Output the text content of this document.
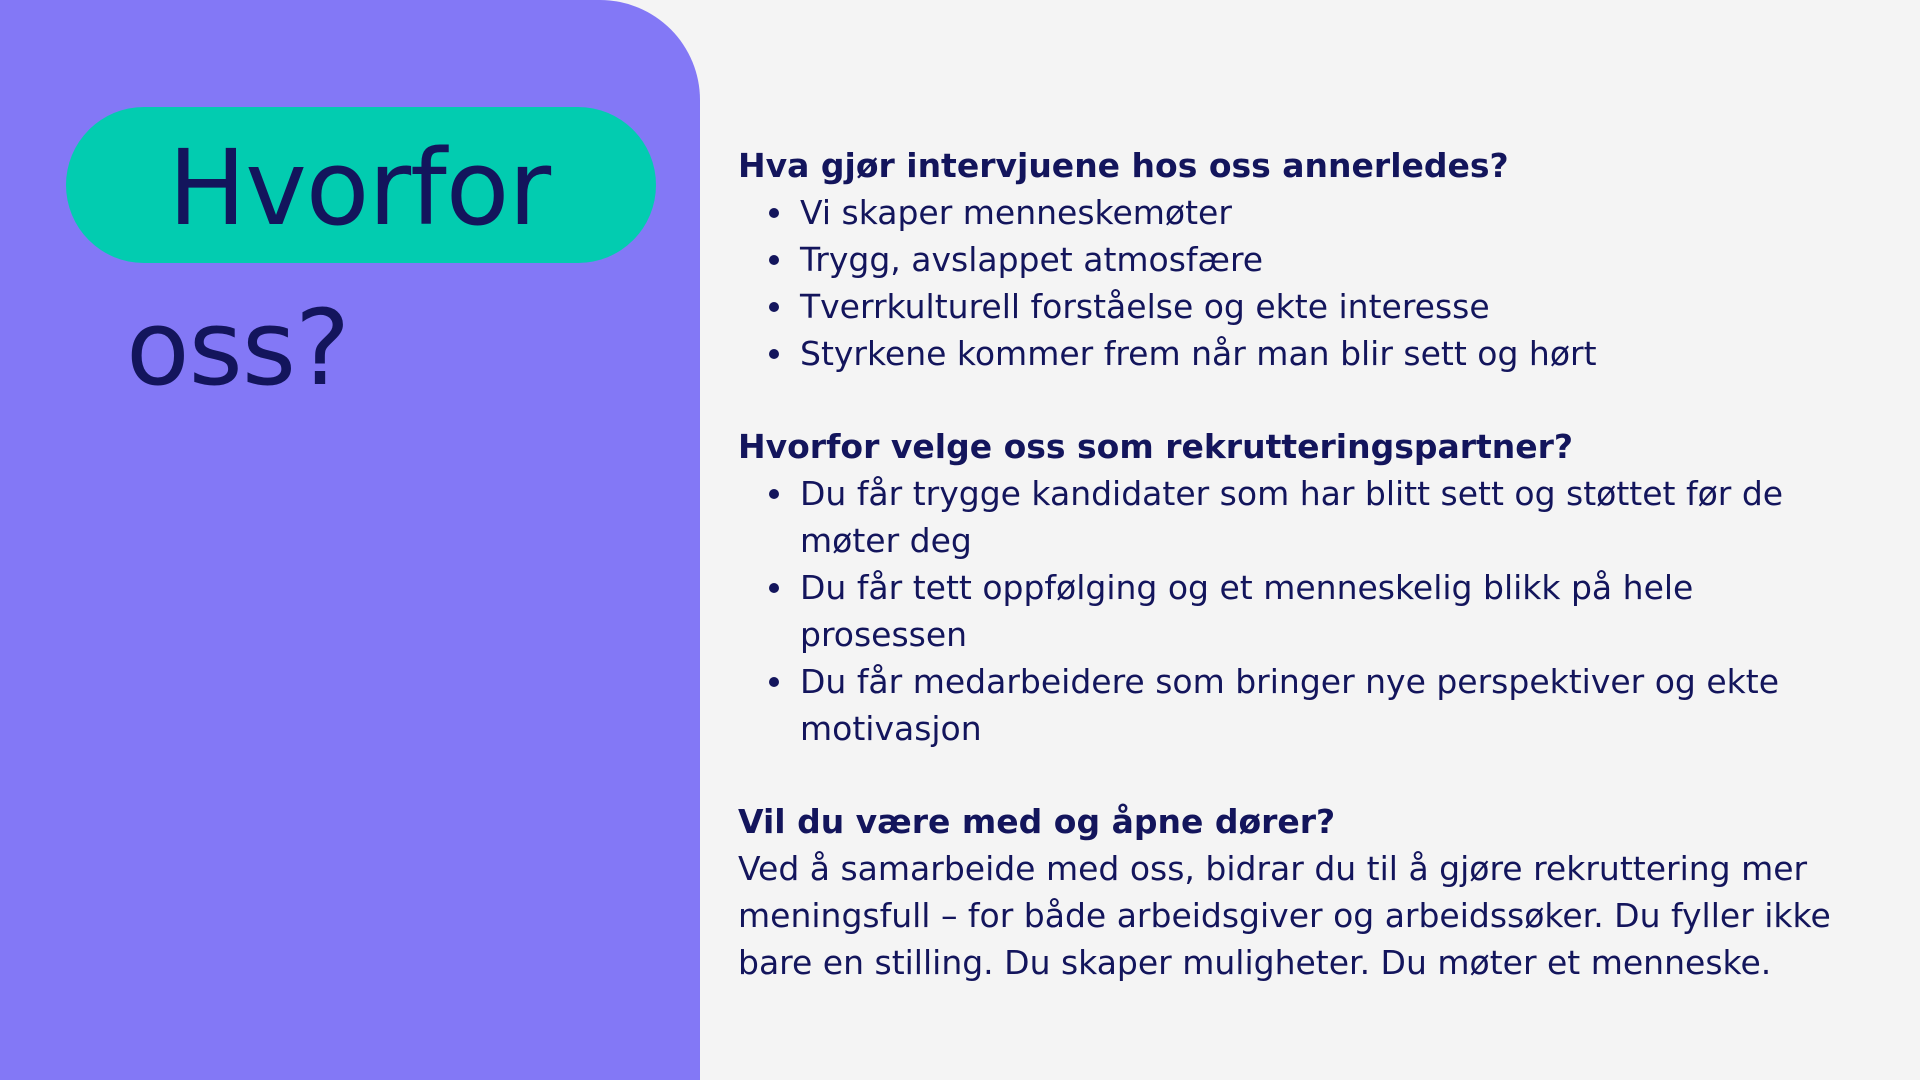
Hvorfor
oss?
Hva gjør intervjuene hos oss annerledes?
Vi skaper menneskemøter
Trygg, avslappet atmosfære
Tverrkulturell forståelse og ekte interesse
Styrkene kommer frem når man blir sett og hørt
Hvorfor velge oss som rekrutteringspartner?
Du får trygge kandidater som har blitt sett og støttet før de møter deg
Du får tett oppfølging og et menneskelig blikk på hele prosessen
Du får medarbeidere som bringer nye perspektiver og ekte motivasjon
Vil du være med og åpne dører?
Ved å samarbeide med oss, bidrar du til å gjøre rekruttering mer meningsfull – for både arbeidsgiver og arbeidssøker. Du fyller ikke bare en stilling. Du skaper muligheter. Du møter et menneske.
